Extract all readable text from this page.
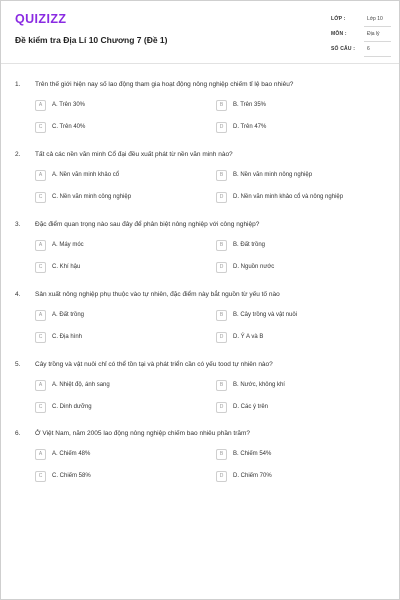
QUIZIZZ
Đề kiểm tra Địa Lí 10 Chương 7 (Đề 1)
LỚP :	Lớp 10
MÔN :	Địa lý
SỐ CÂU : 6
1. Trên thế giới hiện nay số lao động tham gia hoạt động nông nghiệp chiếm tỉ lệ bao nhiêu?
A	A. Trên 30%	B	B. Trên 35%
C	C. Trên 40%	D	D. Trên 47%
2. Tất cả các nền văn minh Cổ đại đều xuất phát từ nền văn minh nào?
A	A. Nền văn minh khảo cổ	B	B. Nền văn minh nông nghiệp
C	C. Nền văn minh công nghiệp	D	D. Nền văn minh khảo cổ và nông nghiệp
3. Đặc điểm quan trọng nào sau đây để phân biệt nông nghiệp với công nghiệp?
A	A. Máy móc	B	B. Đất trồng
C	C. Khí hậu	D	D. Nguồn nước
4. Sản xuất nông nghiệp phụ thuộc vào tự nhiên, đặc điểm này bắt nguồn từ yếu tố nào
A	A. Đất trồng	B	B. Cây trồng và vật nuôi
C	C. Địa hình	D	D. Ý A và B
5. Cây trồng và vật nuôi chỉ có thể tồn tại và phát triển cần có yếu tood tự nhiên nào?
A	A. Nhiệt độ, ánh sang	B	B. Nước, không khí
C	C. Dinh dưỡng	D	D. Các ý trên
6. Ở Việt Nam, năm 2005 lao động nông nghiệp chiếm bao nhiêu phần trăm?
A	A. Chiếm 48%	B	B. Chiếm 54%
C	C. Chiếm 58%	D	D. Chiếm 70%
